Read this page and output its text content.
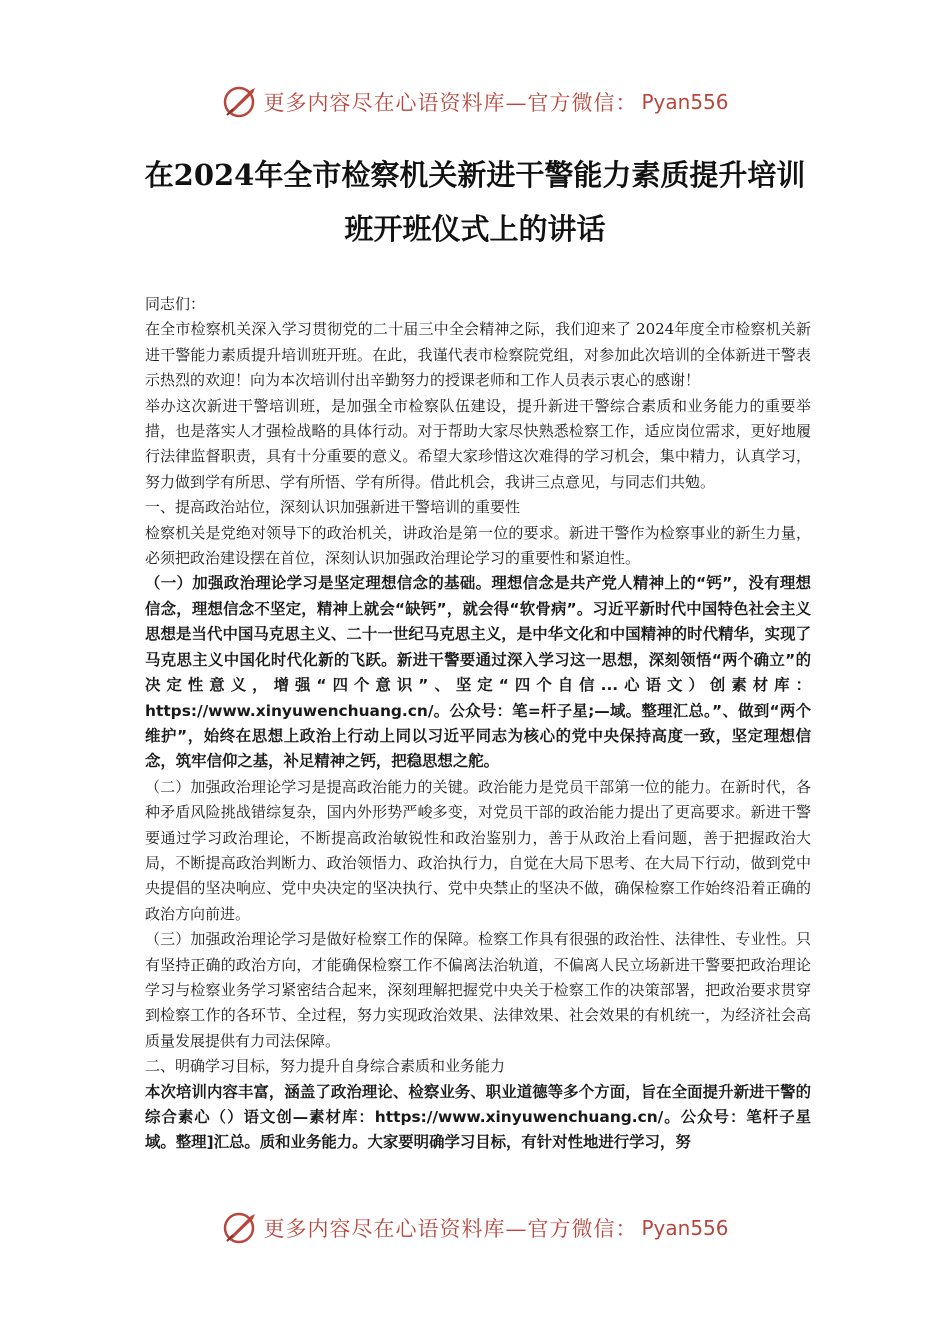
更多内容尽在心语资料库—官方微信： Pyan556
在2024年全市检察机关新进干警能力素质提升培训
班开班仪式上的讲话

同志们：

在全市检察机关深入学习贯彻党的二十届三中全会精神之际，我们迎来了 2024年度全市检察机关新进干警能力素质提升培训班开班。在此，我谨代表市检察院党组，对参加此次培训的全体新进干警表示热烈的欢迎！向为本次培训付出辛勤努力的授课老师和工作人员表示衷心的感谢！

举办这次新进干警培训班，是加强全市检察队伍建设，提升新进干警综合素质和业务能力的重要举措，也是落实人才强检战略的具体行动。对于帮助大家尽快熟悉检察工作，适应岗位需求，更好地履行法律监督职责，具有十分重要的意义。希望大家珍惜这次难得的学习机会，集中精力，认真学习，努力做到学有所思、学有所悟、学有所得。借此机会，我讲三点意见，与同志们共勉。

一、提高政治站位，深刻认识加强新进干警培训的重要性

检察机关是党绝对领导下的政治机关，讲政治是第一位的要求。新进干警作为检察事业的新生力量，必须把政治建设摆在首位，深刻认识加强政治理论学习的重要性和紧迫性。

（一）加强政治理论学习是坚定理想信念的基础。理想信念是共产党人精神上的“钙”，没有理想信念，理想信念不坚定，精神上就会“缺钙”，就会得“软骨病”。习近平新时代中国特色社会主义思想是当代中国马克思主义、二十一世纪马克思主义，是中华文化和中国精神的时代精华，实现了马克思主义中国化时代化新的飞跃。新进干警要通过深入学习这一思想，深刻领悟“两个确立”的决定性意义，增强“四个意识”、坚定“四个自信...心语文）创素材库：https://www.xinyuwenchuang.cn/。公众号：笔=杆子星;—域。整理汇总。”、做到“两个维护”，始终在思想上政治上行动上同以习近平同志为核心的党中央保持高度一致，坚定理想信念，筑牢信仰之基，补足精神之钙，把稳思想之舵。

（二）加强政治理论学习是提高政治能力的关键。政治能力是党员干部第一位的能力。在新时代，各种矛盾风险挑战错综复杂，国内外形势严峻多变，对党员干部的政治能力提出了更高要求。新进干警要通过学习政治理论，不断提高政治敏锐性和政治鉴别力，善于从政治上看问题，善于把握政治大局，不断提高政治判断力、政治领悟力、政治执行力，自觉在大局下思考、在大局下行动，做到党中央提倡的坚决响应、党中央决定的坚决执行、党中央禁止的坚决不做，确保检察工作始终沿着正确的政治方向前进。

（三）加强政治理论学习是做好检察工作的保障。检察工作具有很强的政治性、法律性、专业性。只有坚持正确的政治方向，才能确保检察工作不偏离法治轨道，不偏离人民立场新进干警要把政治理论学习与检察业务学习紧密结合起来，深刻理解把握党中央关于检察工作的决策部署，把政治要求贯穿到检察工作的各环节、全过程，努力实现政治效果、法律效果、社会效果的有机统一，为经济社会高质量发展提供有力司法保障。

二、明确学习目标，努力提升自身综合素质和业务能力

本次培训内容丰富，涵盖了政治理论、检察业务、职业道德等多个方面，旨在全面提升新进干警的综合素心（）语文创—素材库：https://www.xinyuwenchuang.cn/。公众号：笔杆子星域。整理]汇总。质和业务能力。大家要明确学习目标，有针对性地进行学习，努

更多内容尽在心语资料库—官方微信： Pyan556
